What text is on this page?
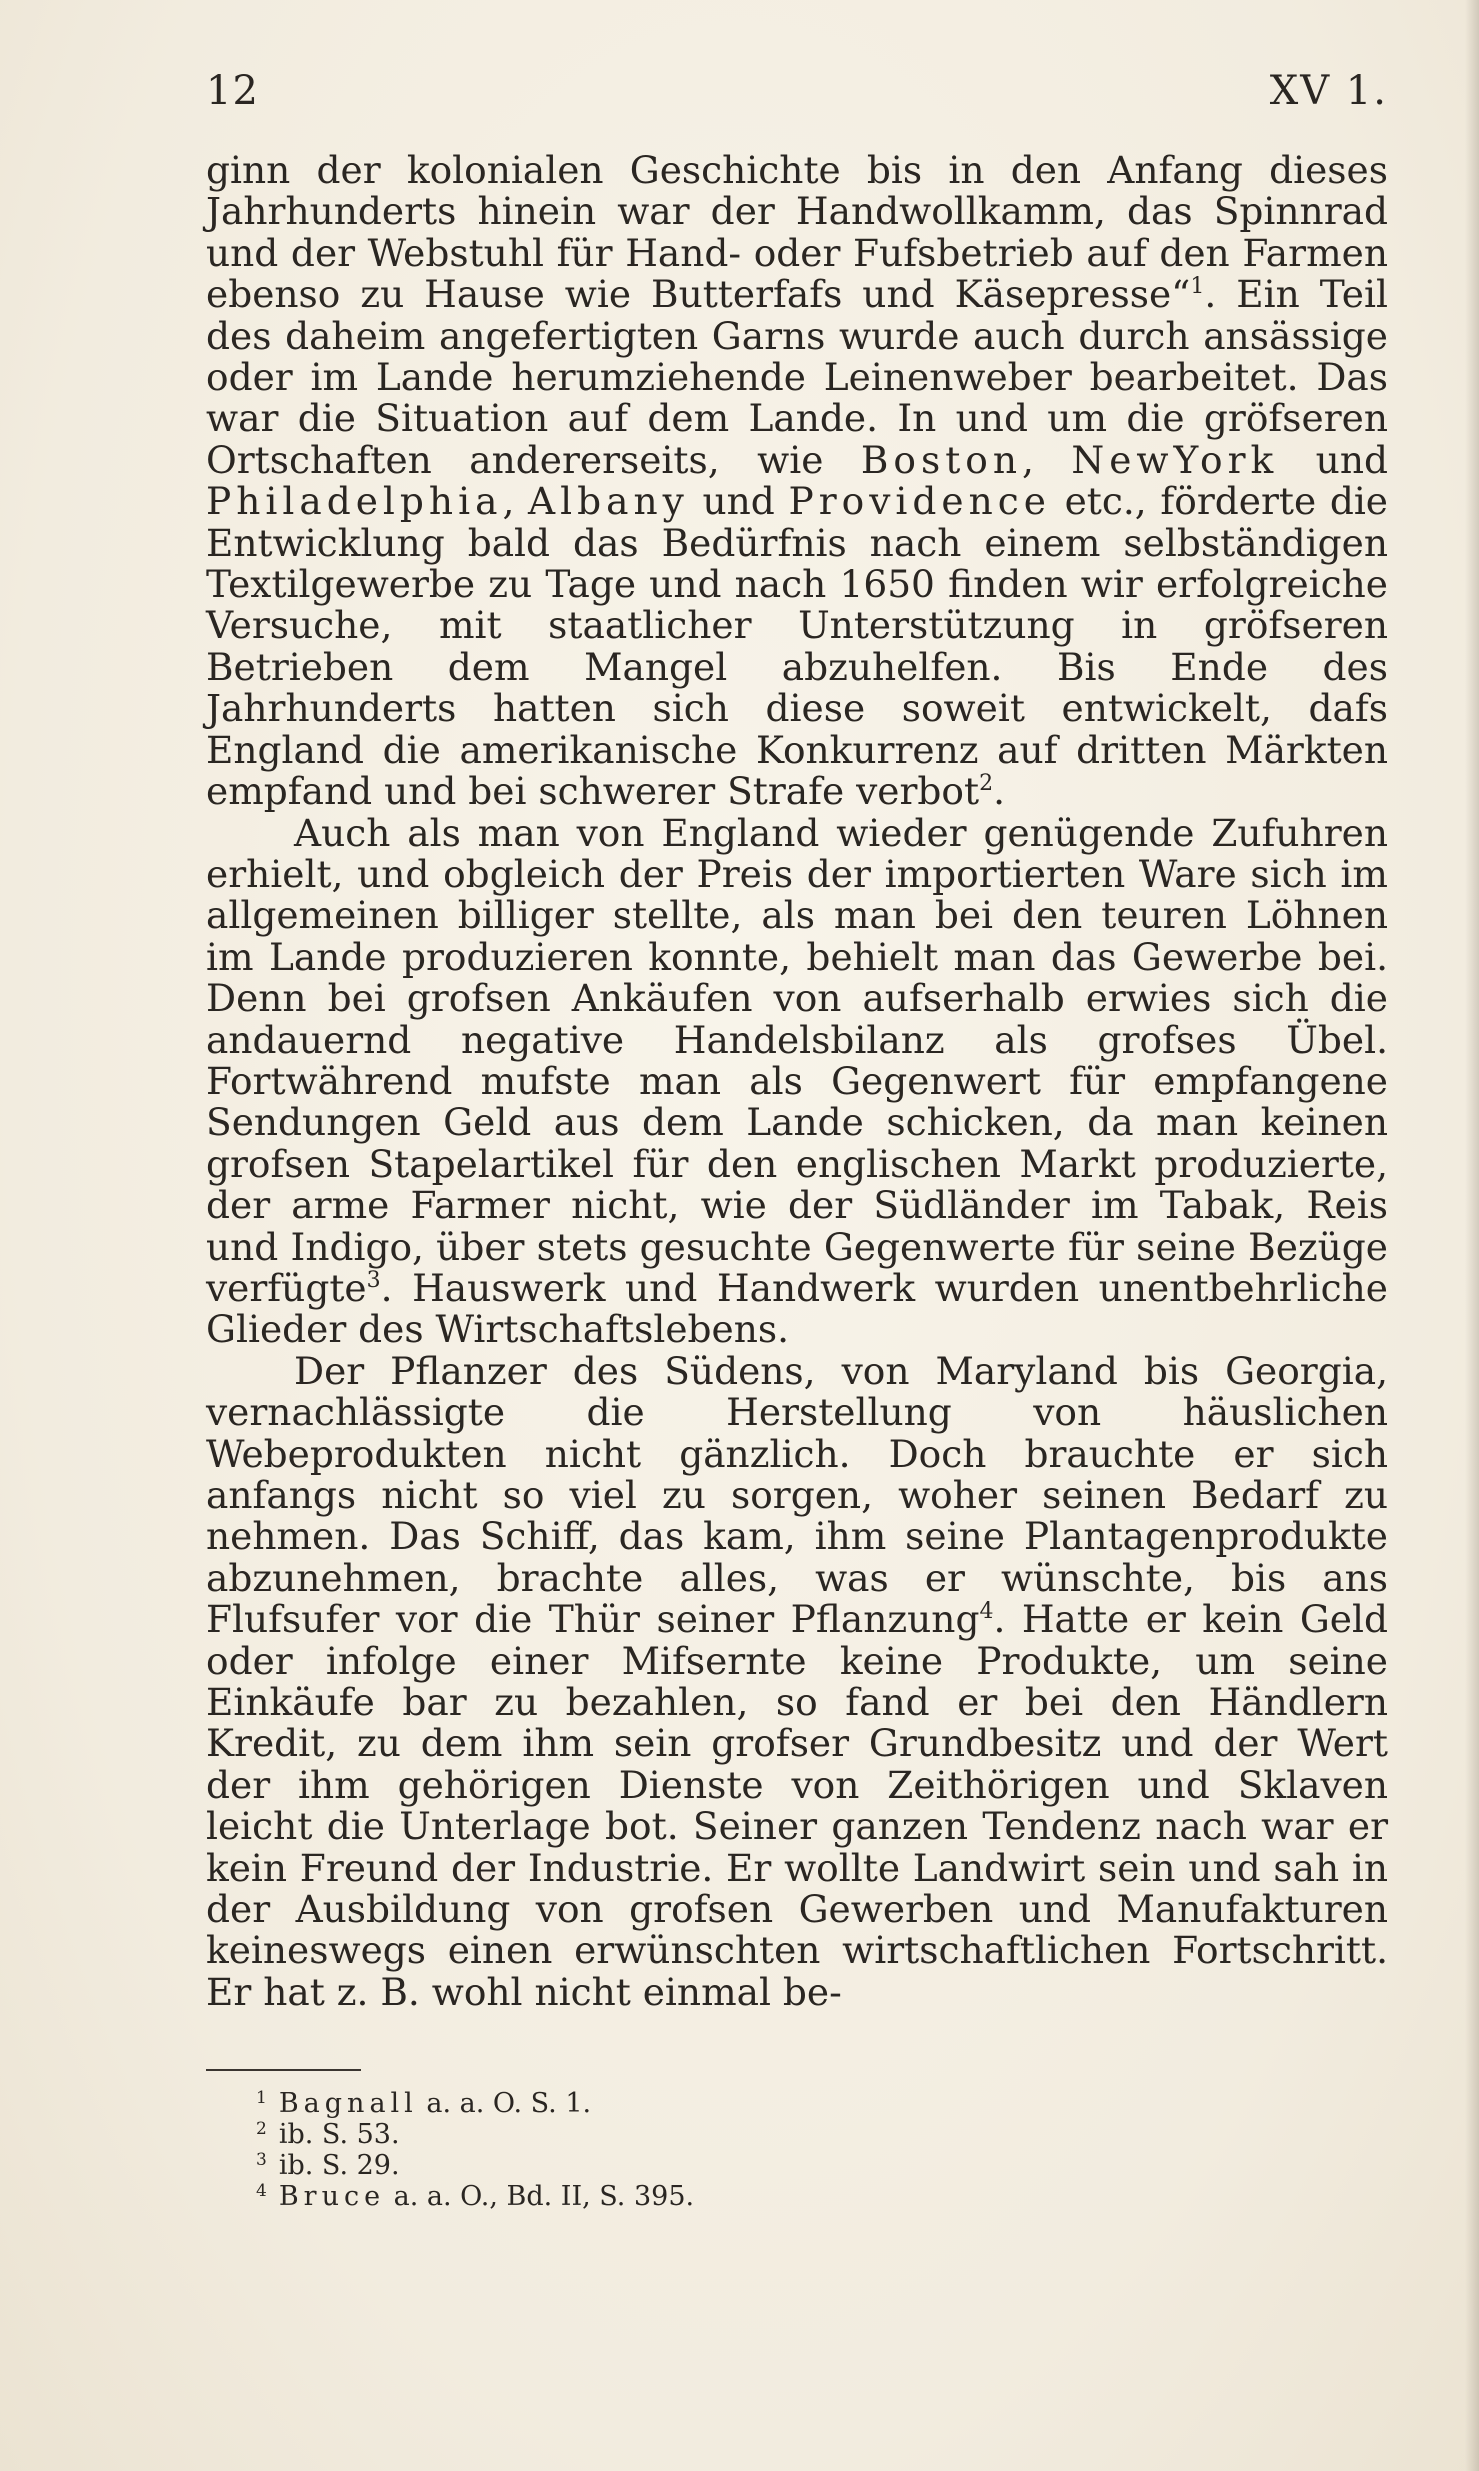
12	XV 1.

ginn der kolonialen Geschichte bis in den Anfang dieses Jahrhunderts hinein war der Handwollkamm, das Spinnrad und der Webstuhl für Hand- oder Fufsbetrieb auf den Farmen ebenso zu Hause wie Butterfafs und Käsepresse“$^1$. Ein Teil des daheim angefertigten Garns wurde auch durch ansässige oder im Lande herumziehende Leinenweber bearbeitet. Das war die Situation auf dem Lande. In und um die gröfseren Ortschaften andererseits, wie Boston, NewYork und Philadelphia, Albany und Providence etc., förderte die Entwicklung bald das Bedürfnis nach einem selbständigen Textilgewerbe zu Tage und nach 1650 finden wir erfolgreiche Versuche, mit staatlicher Unterstützung in gröfseren Betrieben dem Mangel abzuhelfen. Bis Ende des Jahrhunderts hatten sich diese soweit entwickelt, dafs England die amerikanische Konkurrenz auf dritten Märkten empfand und bei schwerer Strafe verbot$^2$.

Auch als man von England wieder genügende Zufuhren erhielt, und obgleich der Preis der importierten Ware sich im allgemeinen billiger stellte, als man bei den teuren Löhnen im Lande produzieren konnte, behielt man das Gewerbe bei. Denn bei grofsen Ankäufen von aufserhalb erwies sich die andauernd negative Handelsbilanz als grofses Übel. Fortwährend mufste man als Gegenwert für empfangene Sendungen Geld aus dem Lande schicken, da man keinen grofsen Stapelartikel für den englischen Markt produzierte, der arme Farmer nicht, wie der Südländer im Tabak, Reis und Indigo, über stets gesuchte Gegenwerte für seine Bezüge verfügte$^3$. Hauswerk und Handwerk wurden unentbehrliche Glieder des Wirtschaftslebens.

Der Pflanzer des Südens, von Maryland bis Georgia, vernachlässigte die Herstellung von häuslichen Webeprodukten nicht gänzlich. Doch brauchte er sich anfangs nicht so viel zu sorgen, woher seinen Bedarf zu nehmen. Das Schiff, das kam, ihm seine Plantagenprodukte abzunehmen, brachte alles, was er wünschte, bis ans Flufsufer vor die Thür seiner Pflanzung$^4$. Hatte er kein Geld oder infolge einer Mifsernte keine Produkte, um seine Einkäufe bar zu bezahlen, so fand er bei den Händlern Kredit, zu dem ihm sein grofser Grundbesitz und der Wert der ihm gehörigen Dienste von Zeithörigen und Sklaven leicht die Unterlage bot. Seiner ganzen Tendenz nach war er kein Freund der Industrie. Er wollte Landwirt sein und sah in der Ausbildung von grofsen Gewerben und Manufakturen keineswegs einen erwünschten wirtschaftlichen Fortschritt. Er hat z. B. wohl nicht einmal be-

$^1$ Bagnall a. a. O. S. 1.

$^2$ ib. S. 53.

$^3$ ib. S. 29.

$^4$ Bruce a. a. O., Bd. II, S. 395.
